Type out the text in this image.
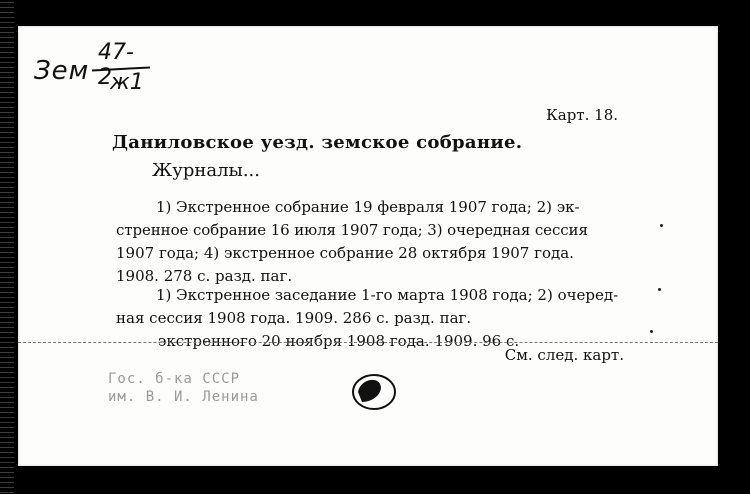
Зем
47-2
ж1
Карт. 18.
Даниловское уезд. земское собрание.
Журналы...
1) Экстренное собрание 19 февраля 1907 года; 2) эк-
стренное собрание 16 июля 1907 года; 3) очередная сессия
1907 года; 4) экстренное собрание 28 октября 1907 года.
1908. 278 с. разд. паг.
1) Экстренное заседание 1-го марта 1908 года; 2) очеред-
ная сессия 1908 года. 1909. 286 с. разд. паг.
экстренного 20 ноября 1908 года. 1909. 96 с.
См. след. карт.
Гос. б-ка СССР
им. В. И. Ленина
